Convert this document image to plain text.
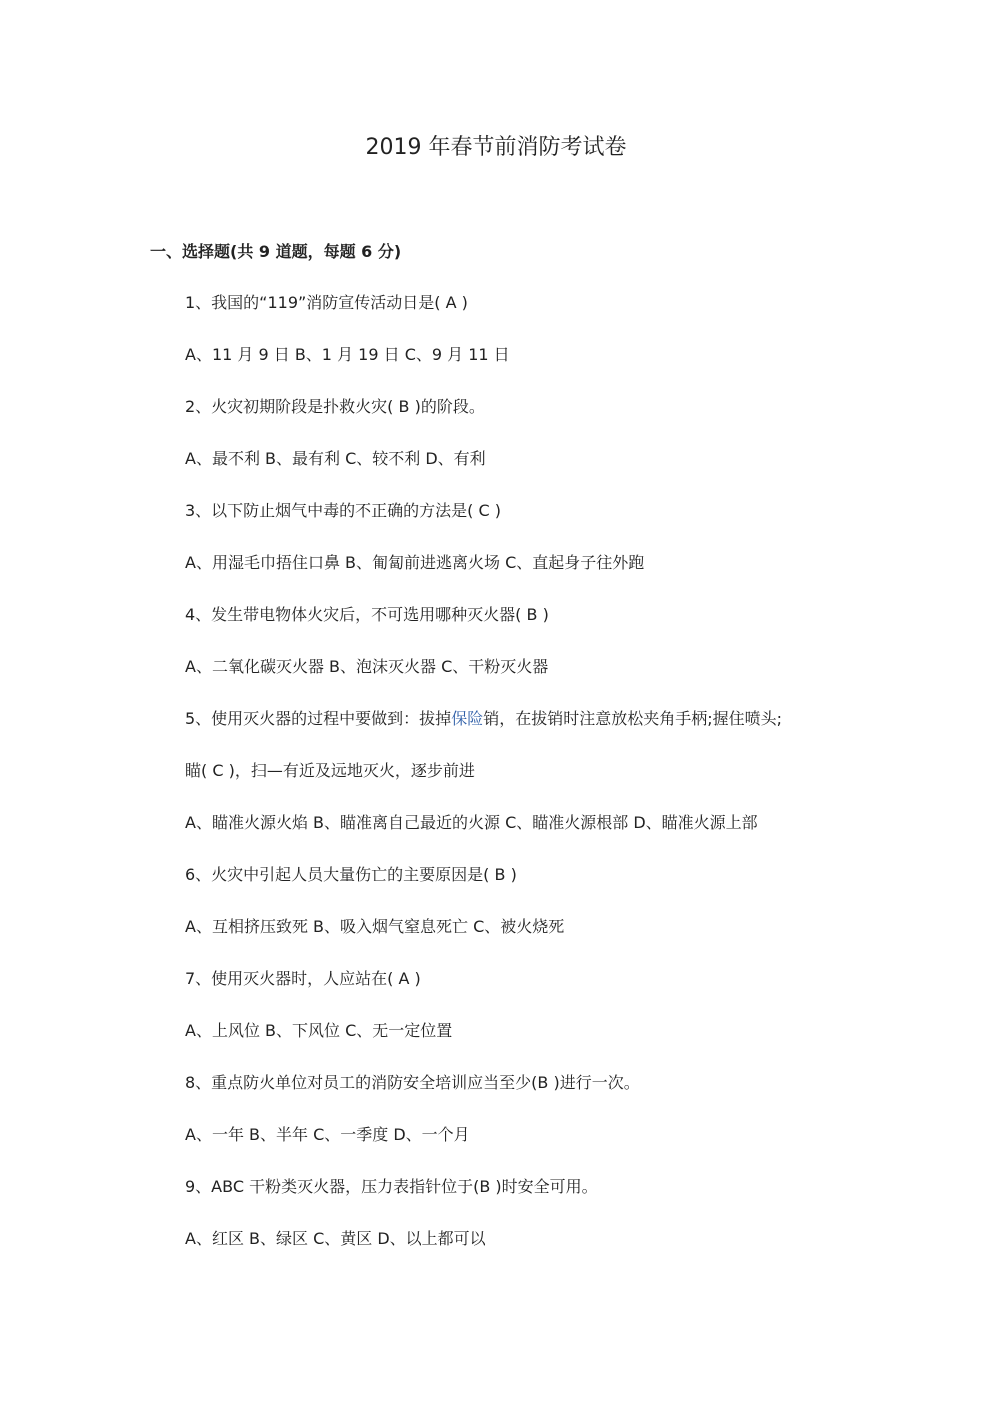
2019 年春节前消防考试卷
一、选择题(共 9 道题，每题 6 分)
1、我国的“119”消防宣传活动日是( A )
A、11 月 9 日 B、1 月 19 日 C、9 月 11 日
2、火灾初期阶段是扑救火灾( B )的阶段。
A、最不利 B、最有利 C、较不利 D、有利
3、以下防止烟气中毒的不正确的方法是( C )
A、用湿毛巾捂住口鼻 B、匍匐前进逃离火场 C、直起身子往外跑
4、发生带电物体火灾后，不可选用哪种灭火器( B )
A、二氧化碳灭火器 B、泡沫灭火器 C、干粉灭火器
5、使用灭火器的过程中要做到：拔掉保险销，在拔销时注意放松夹角手柄;握住喷头;
瞄( C )，扫—有近及远地灭火，逐步前进
A、瞄准火源火焰 B、瞄准离自己最近的火源 C、瞄准火源根部 D、瞄准火源上部
6、火灾中引起人员大量伤亡的主要原因是( B )
A、互相挤压致死 B、吸入烟气窒息死亡 C、被火烧死
7、使用灭火器时，人应站在( A )
A、上风位 B、下风位 C、无一定位置
8、重点防火单位对员工的消防安全培训应当至少(B )进行一次。
A、一年 B、半年 C、一季度 D、一个月
9、ABC 干粉类灭火器，压力表指针位于(B )时安全可用。
A、红区 B、绿区 C、黄区 D、以上都可以
